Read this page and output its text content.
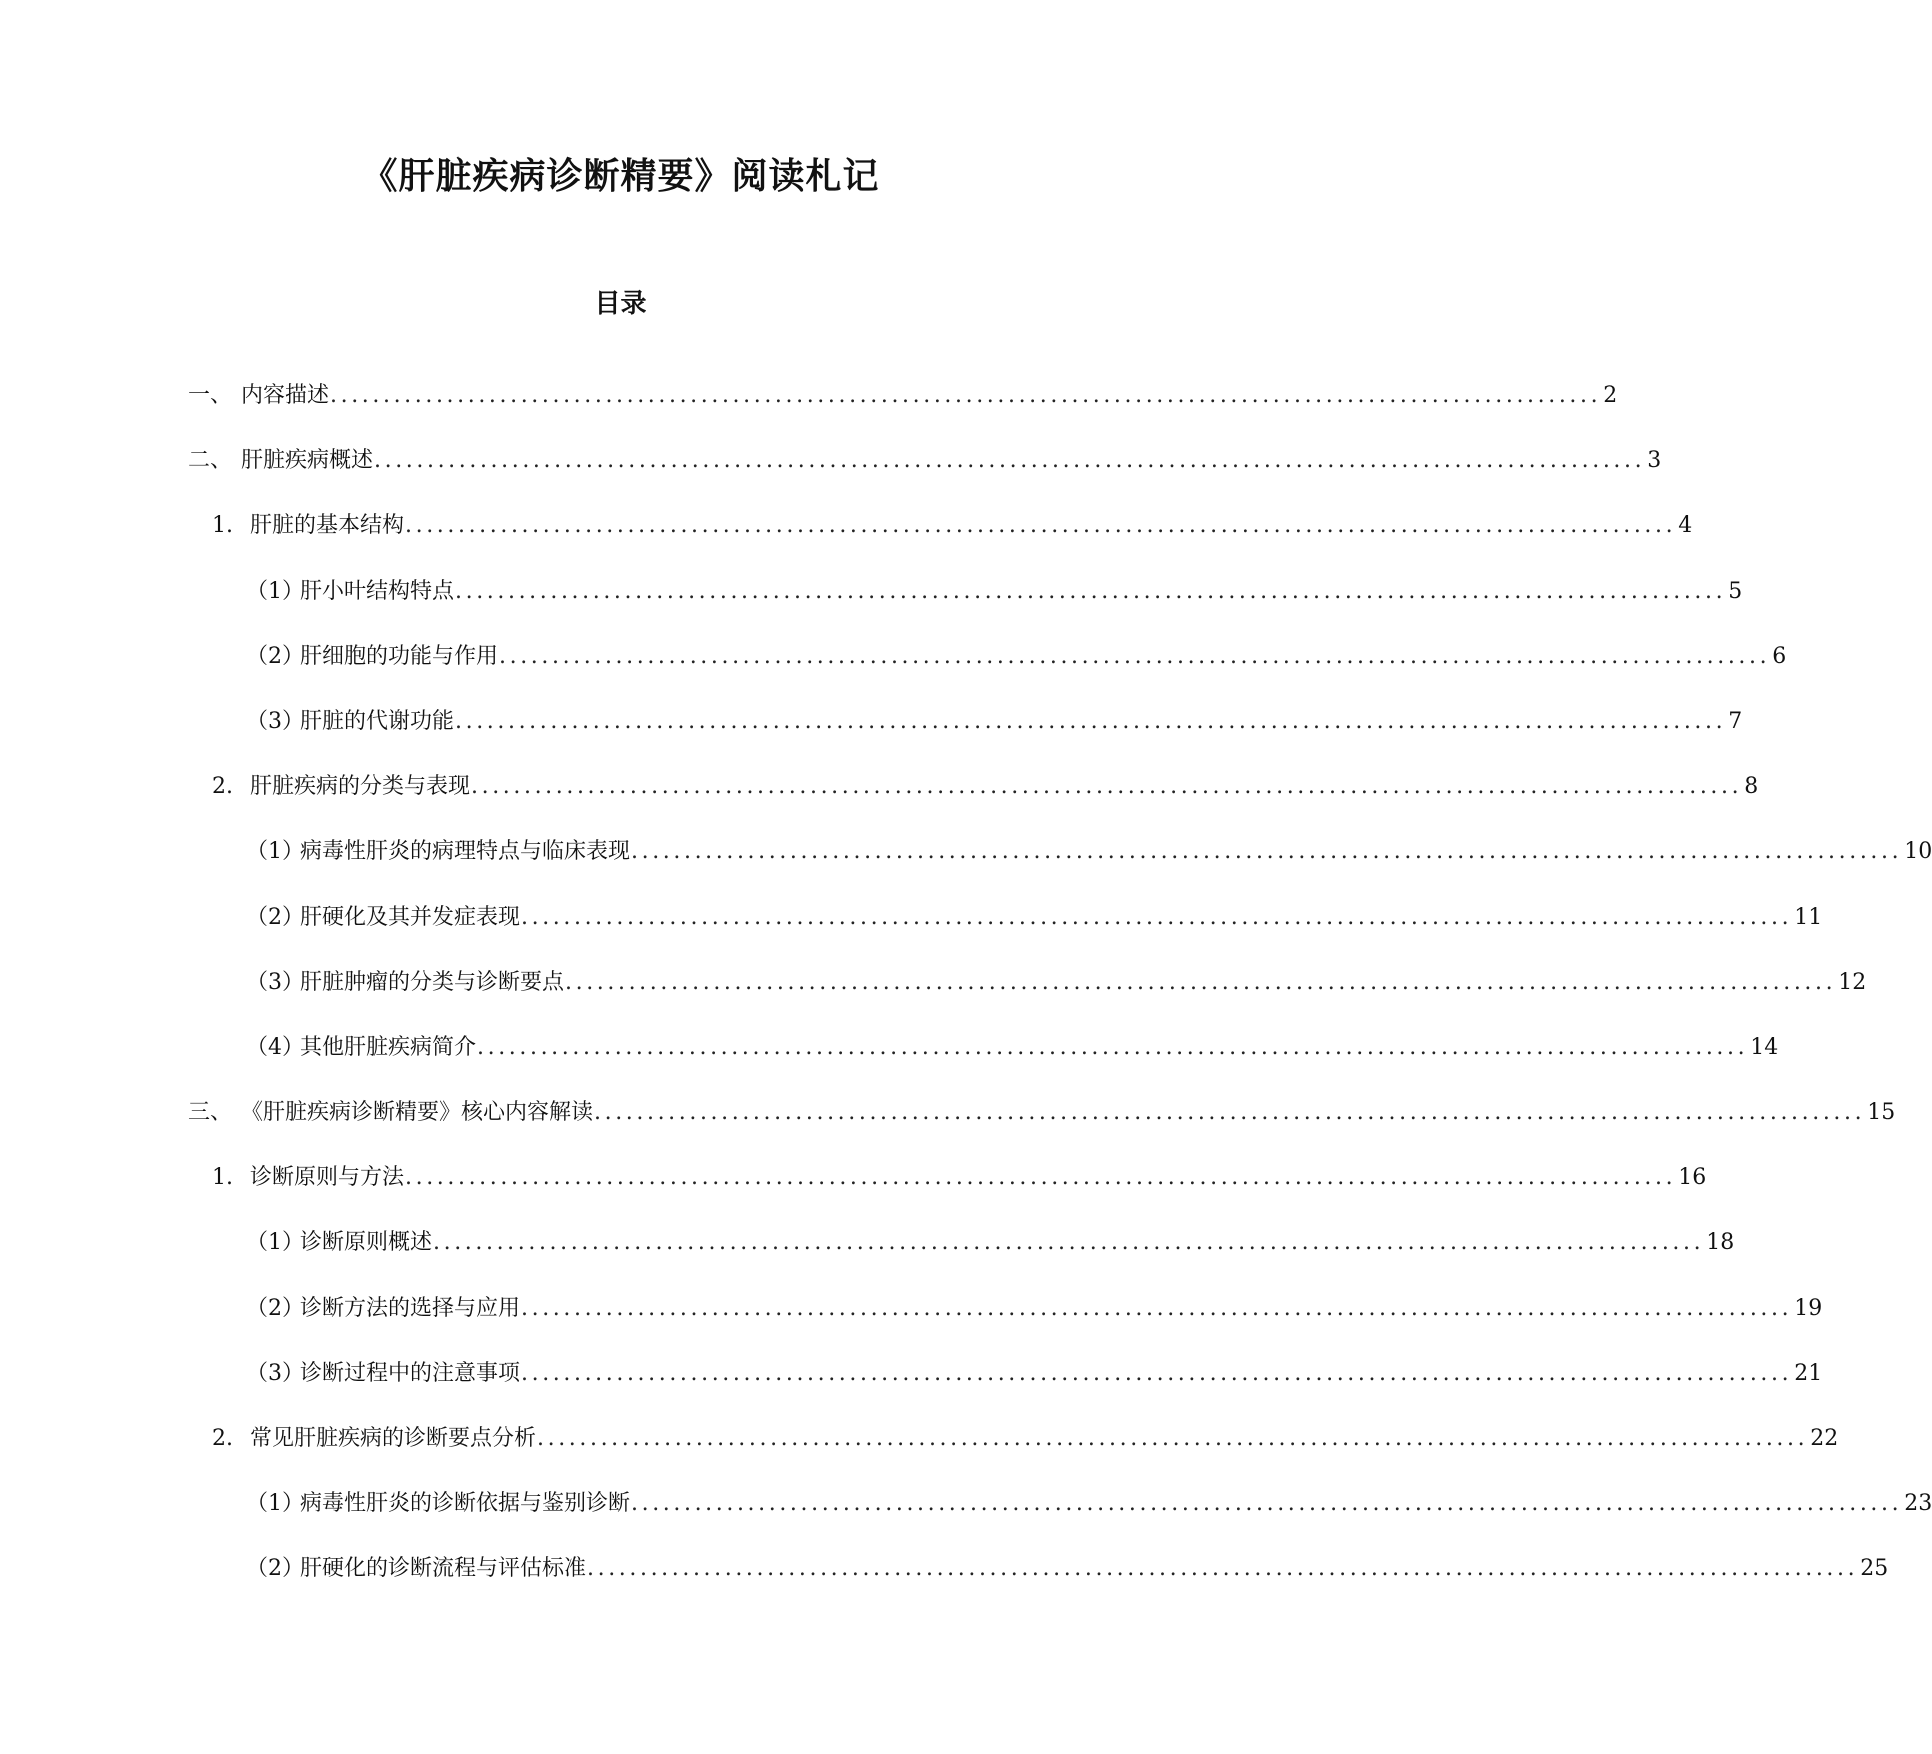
《肝脏疾病诊断精要》阅读札记
目录
一、 内容描述 ........................................................................................................................ 2
二、 肝脏疾病概述 ........................................................................................................................ 3
1. 肝脏的基本结构 ........................................................................................................................ 4
（1）
肝小叶结构特点 ........................................................................................................................ 5
（2）
肝细胞的功能与作用 ........................................................................................................................ 6
（3）
肝脏的代谢功能 ........................................................................................................................ 7
2. 肝脏疾病的分类与表现 ........................................................................................................................ 8
（1）
病毒性肝炎的病理特点与临床表现 ........................................................................................................................ 10
（2）
肝硬化及其并发症表现 ........................................................................................................................ 11
（3）
肝脏肿瘤的分类与诊断要点 ........................................................................................................................ 12
（4）
其他肝脏疾病简介 ........................................................................................................................ 14
三、 《肝脏疾病诊断精要》核心内容解读 ........................................................................................................................ 15
1. 诊断原则与方法 ........................................................................................................................ 16
（1）
诊断原则概述 ........................................................................................................................ 18
（2）
诊断方法的选择与应用 ........................................................................................................................ 19
（3）
诊断过程中的注意事项 ........................................................................................................................ 21
2. 常见肝脏疾病的诊断要点分析 ........................................................................................................................ 22
（1）
病毒性肝炎的诊断依据与鉴别诊断 ........................................................................................................................ 23
（2）
肝硬化的诊断流程与评估标准 ........................................................................................................................ 25
